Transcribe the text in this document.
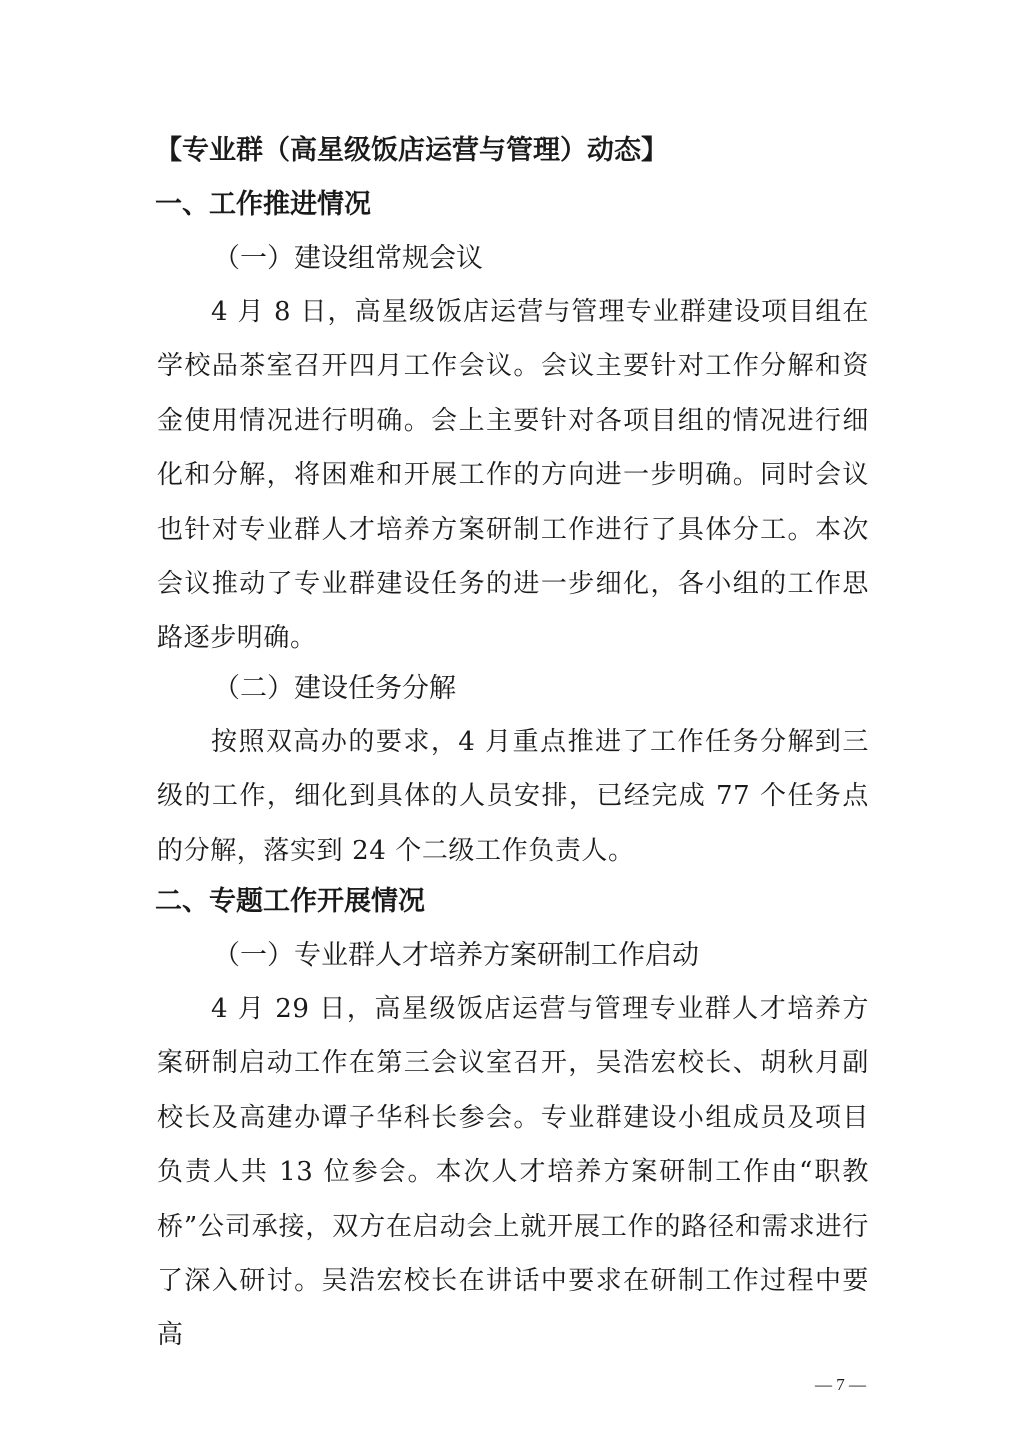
【专业群（高星级饭店运营与管理）动态】
一、工作推进情况
（一）建设组常规会议
4 月 8 日，高星级饭店运营与管理专业群建设项目组在学校品茶室召开四月工作会议。会议主要针对工作分解和资金使用情况进行明确。会上主要针对各项目组的情况进行细化和分解，将困难和开展工作的方向进一步明确。同时会议也针对专业群人才培养方案研制工作进行了具体分工。本次会议推动了专业群建设任务的进一步细化，各小组的工作思路逐步明确。
（二）建设任务分解
按照双高办的要求，4 月重点推进了工作任务分解到三级的工作，细化到具体的人员安排，已经完成 77 个任务点的分解，落实到 24 个二级工作负责人。
二、专题工作开展情况
（一）专业群人才培养方案研制工作启动
4 月 29 日，高星级饭店运营与管理专业群人才培养方案研制启动工作在第三会议室召开，吴浩宏校长、胡秋月副校长及高建办谭子华科长参会。专业群建设小组成员及项目负责人共 13 位参会。本次人才培养方案研制工作由“职教桥”公司承接，双方在启动会上就开展工作的路径和需求进行了深入研讨。吴浩宏校长在讲话中要求在研制工作过程中要高
— 7 —
